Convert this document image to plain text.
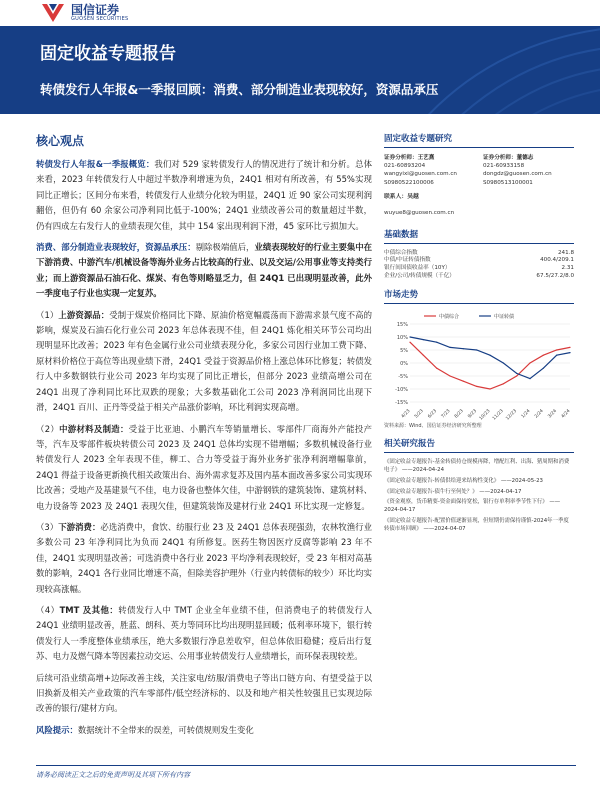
国信证券
GUOSEN SECURITIES
固定收益专题报告
转债发行人年报&一季报回顾：消费、部分制造业表现较好，资源品承压
核心观点

转债发行人年报&一季报概览：我们对 529 家转债发行人的情况进行了统计和分析。总体来看，2023 年转债发行人中超过半数净利增速为负，24Q1 相对有所改善，有 55%实现同比正增长；区间分布来看，转债发行人业绩分化较为明显，24Q1 近 90 家公司实现利润翻倍，但仍有 60 余家公司净利同比低于-100%；24Q1 业绩改善公司的数量超过半数，仍有四成左右发行人的业绩表现欠佳，其中 154 家出现利润下滑，45 家环比亏损加大。

消费、部分制造业表现较好，资源品承压：剔除极端值后，业绩表现较好的行业主要集中在下游消费、中游汽车/机械设备等海外业务占比较高的行业、以及交运/公用事业等支持类行业；而上游资源品石油石化、煤炭、有色等则略显乏力，但 24Q1 已出现明显改善，此外一季度电子行业也实现一定复苏。

（1）上游资源品：受制于煤炭价格同比下降、原油价格宽幅震荡而下游需求景气度不高的影响，煤炭及石油石化行业公司 2023 年总体表现不佳，但 24Q1 炼化相关环节公司均出现明显环比改善；2023 年有色金属行业公司业绩表现分化，多家公司因行业加工费下降、原材料价格位于高位等出现业绩下滑，24Q1 受益于资源品价格上涨总体环比修复；转债发行人中多数钢铁行业公司 2023 年均实现了同比正增长，但部分 2023 业绩高增公司在 24Q1 出现了净利同比环比双跌的现象；大多数基础化工公司 2023 净利润同比出现下滑，24Q1 百川、正丹等受益于相关产品涨价影响，环比利润实现高增。

（2）中游材料及制造：受益于比亚迪、小鹏汽车等销量增长、零部件厂商海外产能投产等，汽车及零部件板块转债公司 2023 及 24Q1 总体均实现不错增幅；多数机械设备行业转债发行人 2023 全年表现不佳，柳工、合力等受益于海外业务扩张净利润增幅靠前，24Q1 得益于设备更新换代相关政策出台、海外需求复苏及国内基本面改善多家公司实现环比改善；受地产及基建景气不佳，电力设备也整体欠佳，中游钢铁的建筑装饰、建筑材料、电力设备等 2023 及 24Q1 表现欠佳，但建筑装饰及建材行业 24Q1 环比实现一定修复。

（3）下游消费：必选消费中，食饮、纺服行业 23 及 24Q1 总体表现强劲，农林牧渔行业多数公司 23 年净利同比为负而 24Q1 有所修复。医药生物因医疗反腐等影响 23 年不佳，24Q1 实现明显改善；可选消费中各行业 2023 平均净利表现较好，受 23 年相对高基数的影响，24Q1 各行业同比增速不高，但除美容护理外（行业内转债标的较少）环比均实现较高涨幅。

（4）TMT 及其他：转债发行人中 TMT 企业全年业绩不佳，但消费电子的转债发行人 24Q1 业绩明显改善，胜蓝、朗科、英力等同环比均出现明显回暖；低利率环境下，银行转债发行人一季度整体业绩承压，绝大多数银行净息差收窄，但总体依旧稳健；疫后出行复苏、电力及燃气降本等因素拉动交运、公用事业转债发行人业绩增长，而环保表现较差。

后续可沿业绩高增+边际改善主线，关注家电/纺服/消费电子等出口链方向、有望受益于以旧换新及相关产业政策的汽车零部件/低空经济标的、以及和地产相关性较强且已实现边际改善的银行/建材方向。

风险提示：数据统计不全带来的误差，可转债规则发生变化

固定收益专题研究
证券分析师：王艺熹
021-60893204
wangyixi@guosen.com.cn
S0980522100006
证券分析师：董德志
021-60933158
dongdz@guosen.com.cn
S0980513100001
联系人：吴越
wuyue8@guosen.com.cn
基础数据
中债综合指数	241.8
中债/中证转债指数	400.4/209.1
银行间国债收益率（10Y）	2.31
企业/公司/转债规模（千亿）	67.5/27.2/8.0
市场走势
中债综合	中证转债
15%
10%
5%
0%
-5%
-10%
-15%
4/23 5/23 6/23 7/23 8/23 9/23 10/23 11/23 12/23 1/24 2/24 3/24 4/24
资料来源：Wind、国信证券经济研究所整理
相关研究报告
《固定收益专题报告-基金转债持仓规模再降，增配红利、出海、猪周期和消费电子》 ——2024-04-24
《固定收益专题报告-转债供给迎来结构性变化》 ——2024-05-23
《固定收益专题报告-债牛行至何处？》 ——2024-04-17
《资金观察，货币精要-资金面保持宽松，银行存单利率季节性下行》 ——2024-04-17
《固定收益专题报告-配置价值逐渐显现，但短期仍需保持谨慎-2024年一季度转债市场回顾》 ——2024-04-07
请务必阅读正文之后的免责声明及其项下所有内容
